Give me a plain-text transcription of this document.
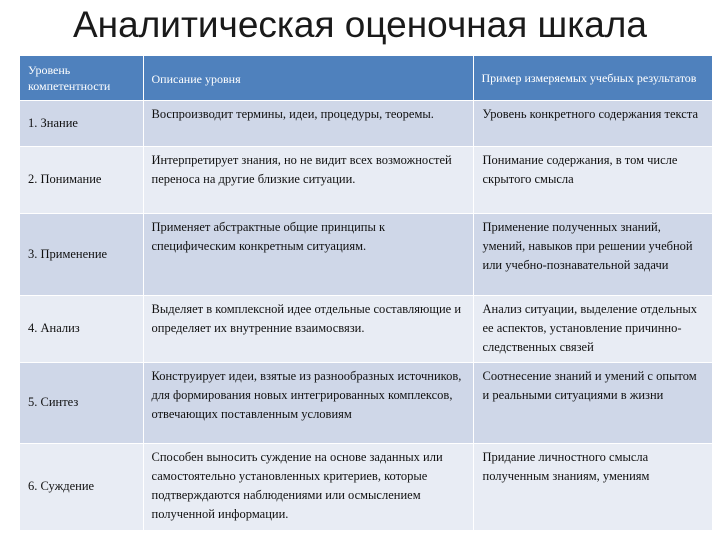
Аналитическая оценочная шкала
Уровень компетентности	Описание уровня	Пример измеряемых учебных результатов
1. Знание	Воспроизводит термины, идеи, процедуры, теоремы.	Уровень конкретного содержания текста
2. Понимание	Интерпретирует знания, но не видит всех возможностей переноса на другие близкие ситуации.	Понимание содержания, в том числе скрытого смысла
3. Применение	Применяет абстрактные общие принципы к специфическим конкретным ситуациям.	Применение полученных знаний, умений, навыков при решении учебной или учебно-познавательной задачи
4. Анализ	Выделяет в комплексной идее отдельные составляющие и определяет их внутренние взаимосвязи.	Анализ ситуации, выделение отдельных ее аспектов, установление причинно-следственных связей
5. Синтез	Конструирует идеи, взятые из разнообразных источников, для формирования новых интегрированных комплексов, отвечающих поставленным условиям	Соотнесение знаний и умений с опытом и реальными ситуациями в жизни
6. Суждение	Способен выносить суждение на основе заданных или самостоятельно установленных критериев, которые подтверждаются наблюдениями или осмыслением полученной информации.	Придание личностного смысла полученным знаниям, умениям
